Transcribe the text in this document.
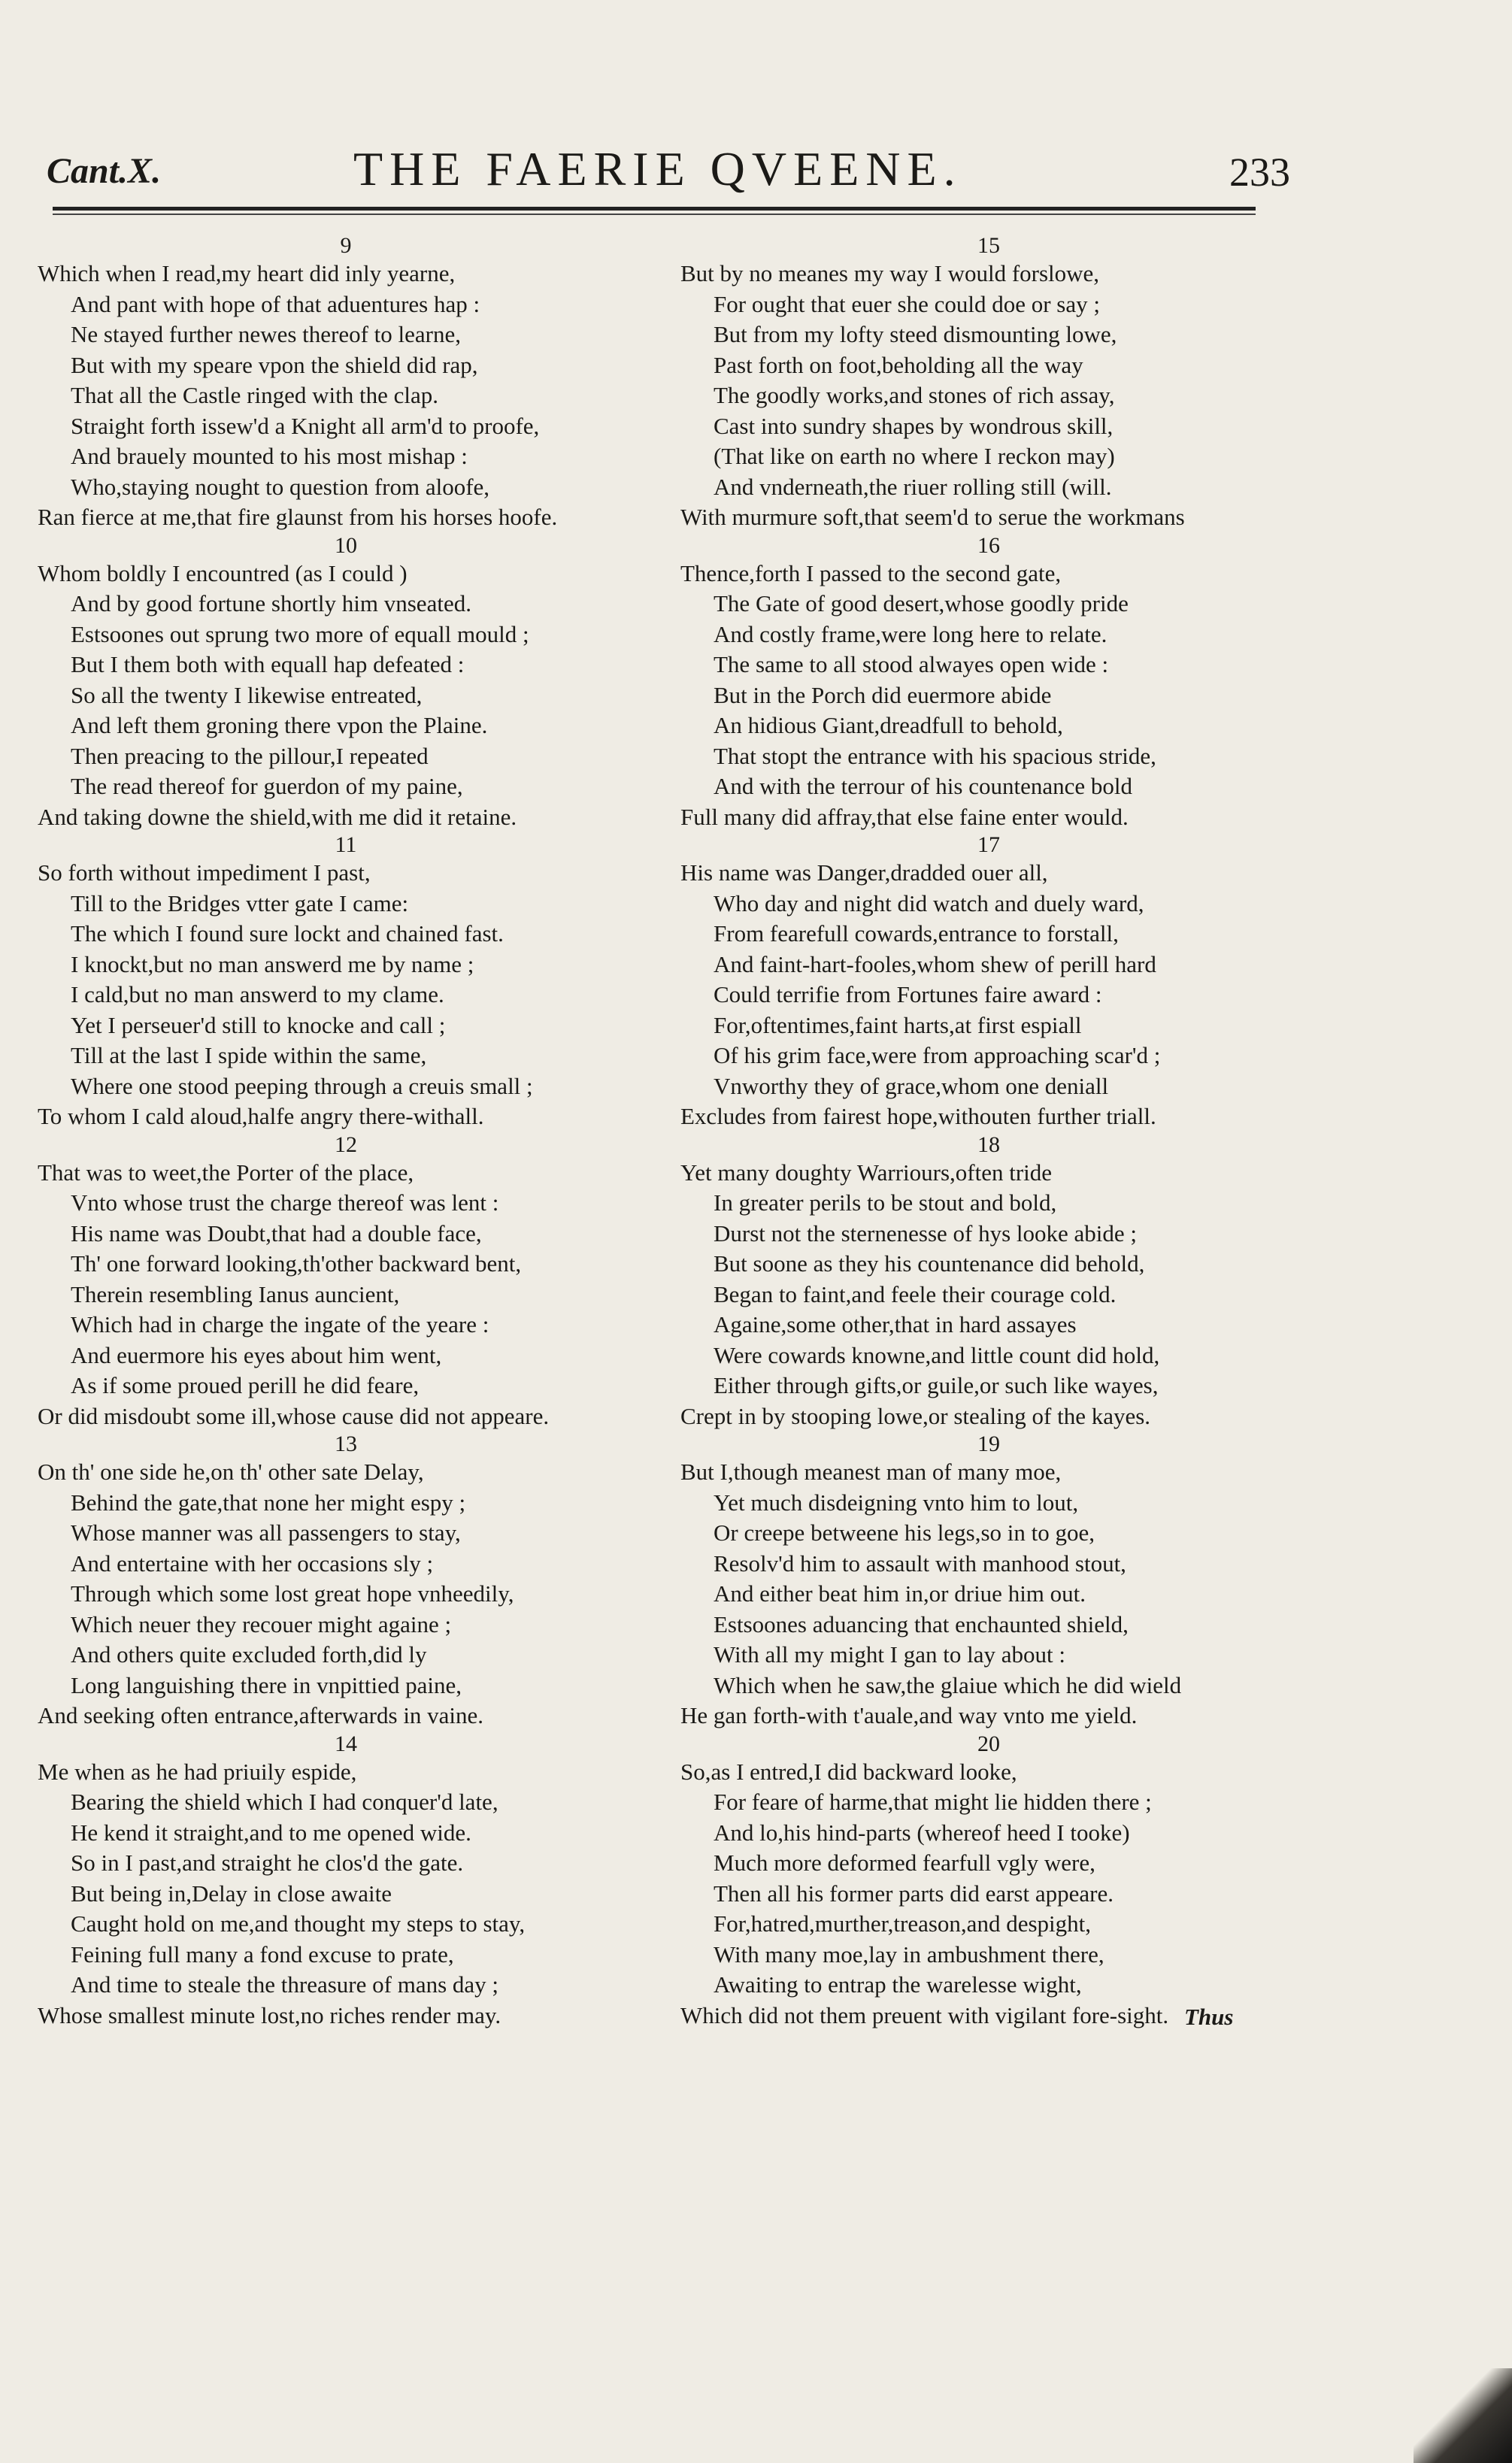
Cant.X.	THE FAERIE QVEENE.	233
9
Which when I read,my heart did inly yearne,
And pant with hope of that aduentures hap :
Ne stayed further newes thereof to learne,
But with my speare vpon the shield did rap,
That all the Castle ringed with the clap.
Straight forth issew'd a Knight all arm'd to proofe,
And brauely mounted to his most mishap :
Who,staying nought to question from aloofe,
Ran fierce at me,that fire glaunst from his horses hoofe.
10
Whom boldly I encountred (as I could )
And by good fortune shortly him vnseated.
Estsoones out sprung two more of equall mould ;
But I them both with equall hap defeated :
So all the twenty I likewise entreated,
And left them groning there vpon the Plaine.
Then preacing to the pillour,I repeated
The read thereof for guerdon of my paine,
And taking downe the shield,with me did it retaine.
11
So forth without impediment I past,
Till to the Bridges vtter gate I came:
The which I found sure lockt and chained fast.
I knockt,but no man answerd me by name ;
I cald,but no man answerd to my clame.
Yet I perseuer'd still to knocke and call ;
Till at the last I spide within the same,
Where one stood peeping through a creuis small ;
To whom I cald aloud,halfe angry there-withall.
12
That was to weet,the Porter of the place,
Vnto whose trust the charge thereof was lent :
His name was Doubt,that had a double face,
Th' one forward looking,th'other backward bent,
Therein resembling Ianus auncient,
Which had in charge the ingate of the yeare :
And euermore his eyes about him went,
As if some proued perill he did feare,
Or did misdoubt some ill,whose cause did not appeare.
13
On th' one side he,on th' other sate Delay,
Behind the gate,that none her might espy ;
Whose manner was all passengers to stay,
And entertaine with her occasions sly ;
Through which some lost great hope vnheedily,
Which neuer they recouer might againe ;
And others quite excluded forth,did ly
Long languishing there in vnpittied paine,
And seeking often entrance,afterwards in vaine.
14
Me when as he had priuily espide,
Bearing the shield which I had conquer'd late,
He kend it straight,and to me opened wide.
So in I past,and straight he clos'd the gate.
But being in,Delay in close awaite
Caught hold on me,and thought my steps to stay,
Feining full many a fond excuse to prate,
And time to steale the threasure of mans day ;
Whose smallest minute lost,no riches render may.
15
But by no meanes my way I would forslowe,
For ought that euer she could doe or say ;
But from my lofty steed dismounting lowe,
Past forth on foot,beholding all the way
The goodly works,and stones of rich assay,
Cast into sundry shapes by wondrous skill,
(That like on earth no where I reckon may)
And vnderneath,the riuer rolling still (will.
With murmure soft,that seem'd to serue the workmans
16
Thence,forth I passed to the second gate,
The Gate of good desert,whose goodly pride
And costly frame,were long here to relate.
The same to all stood alwayes open wide :
But in the Porch did euermore abide
An hidious Giant,dreadfull to behold,
That stopt the entrance with his spacious stride,
And with the terrour of his countenance bold
Full many did affray,that else faine enter would.
17
His name was Danger,dradded ouer all,
Who day and night did watch and duely ward,
From fearefull cowards,entrance to forstall,
And faint-hart-fooles,whom shew of perill hard
Could terrifie from Fortunes faire award :
For,oftentimes,faint harts,at first espiall
Of his grim face,were from approaching scar'd ;
Vnworthy they of grace,whom one deniall
Excludes from fairest hope,withouten further triall.
18
Yet many doughty Warriours,often tride
In greater perils to be stout and bold,
Durst not the sternenesse of hys looke abide ;
But soone as they his countenance did behold,
Began to faint,and feele their courage cold.
Againe,some other,that in hard assayes
Were cowards knowne,and little count did hold,
Either through gifts,or guile,or such like wayes,
Crept in by stooping lowe,or stealing of the kayes.
19
But I,though meanest man of many moe,
Yet much disdeigning vnto him to lout,
Or creepe betweene his legs,so in to goe,
Resolv'd him to assault with manhood stout,
And either beat him in,or driue him out.
Estsoones aduancing that enchaunted shield,
With all my might I gan to lay about :
Which when he saw,the glaiue which he did wield
He gan forth-with t'auale,and way vnto me yield.
20
So,as I entred,I did backward looke,
For feare of harme,that might lie hidden there ;
And lo,his hind-parts (whereof heed I tooke)
Much more deformed fearfull vgly were,
Then all his former parts did earst appeare.
For,hatred,murther,treason,and despight,
With many moe,lay in ambushment there,
Awaiting to entrap the warelesse wight,
Which did not them preuent with vigilant fore-sight. Thus
